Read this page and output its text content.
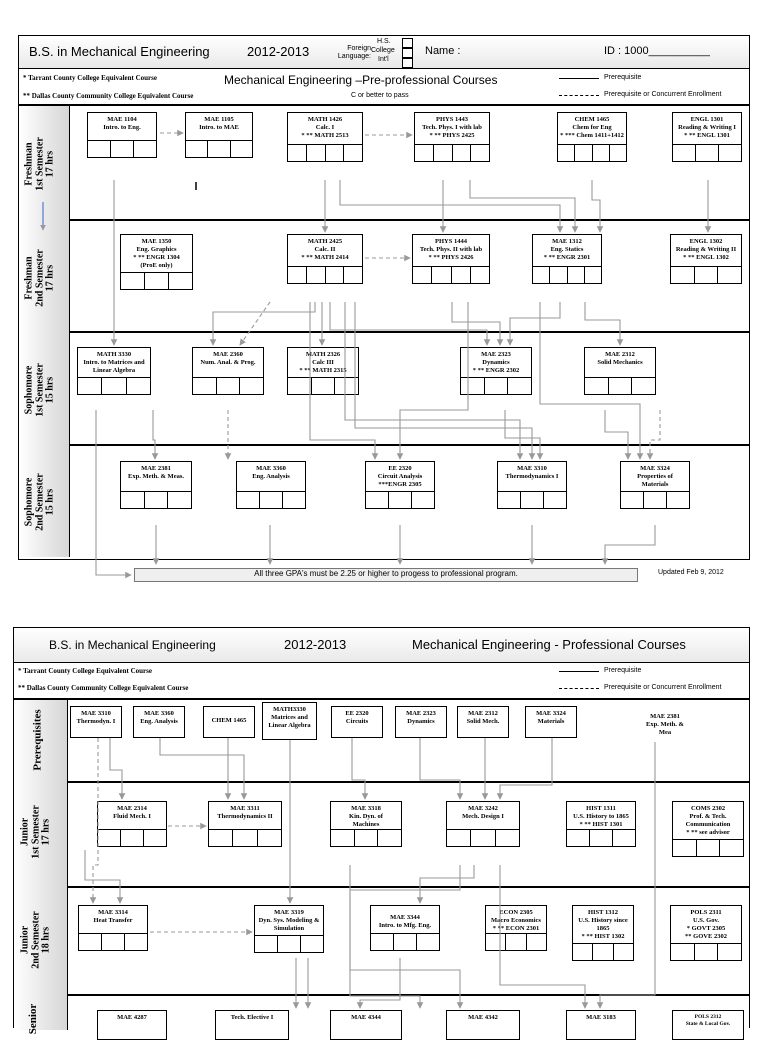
B.S. in Mechanical Engineering	2012-2013	Foreign
Language:
H.S.
College
Int'l
Name :	ID : 1000__________
* Tarrant County College Equivalent Course
** Dallas County Community College Equivalent Course
Mechanical Engineering –Pre-professional Courses
C or better to pass
Prerequisite
Prerequisite or Concurrent Enrollment
Freshman
1st Semester
17 hrs
Freshman
2nd Semester
17 hrs
Sophomore
1st Semester
15 hrs
Sophomore
2nd Semester
15 hrs
All three GPA's must be 2.25 or higher to progess to professional program.	Updated Feb 9, 2012
MAE 1104
Intro. to Eng.
MAE 1105
Intro. to MAE
MATH 1426
Calc. I
* ** MATH 2513
PHYS 1443
Tech. Phys. I with lab
* ** PHYS 2425
CHEM 1465
Chem for Eng
* *** Chem 1411+1412
ENGL 1301
Reading & Writing I
* ** ENGL 1301
MAE 1350
Eng. Graphics
* ** ENGR 1304
(ProE only)
MATH 2425
Calc. II
* ** MATH 2414
PHYS 1444
Tech. Phys. II with lab
* ** PHYS 2426
MAE 1312
Eng. Statics
* ** ENGR 2301
ENGL 1302
Reading & Writing II
* ** ENGL 1302
MATH 3330
Intro. to Matrices and
Linear Algebra
MAE 2360
Num. Anal. & Prog.
MATH 2326
Calc III
* ** MATH 2315
MAE 2323
Dynamics
* ** ENGR 2302
MAE 2312
Solid Mechanics
MAE 2381
Exp. Meth. & Meas.
MAE 3360
Eng. Analysis
EE 2320
Circuit Analysis
***ENGR 2305
MAE 3310
Thermodynamics I
MAE 3324
Properties of
Materials
B.S. in Mechanical Engineering	2012-2013	Mechanical Engineering - Professional Courses
* Tarrant County College Equivalent Course
** Dallas County Community College Equivalent Course
Prerequisite
Prerequisite or Concurrent Enrollment
Prerequisites
Junior
1st Semester
17 hrs
Junior
2nd Semester
18 hrs
Senior
MAE 3310
Thermodyn. I
MAE 3360
Eng. Analysis	CHEM 1465
MATH3330
Matrices and
Linear Algebra
EE 2320
Circuits
MAE 2323
Dynamics
MAE 2312
Solid Mech.
MAE 3324
Materials
MAE 2381
Exp. Meth. &
Mea
MAE 2314
Fluid Mech. I
MAE 3311
Thermodynamics II
MAE 3318
Kin. Dyn. of
Machines
MAE 3242
Mech. Design I
HIST 1311
U.S. History to 1865
* ** HIST 1301
COMS 2302
Prof. & Tech.
Communication
* ** see advisor
MAE 3314
Heat Transfer
MAE 3319
Dyn. Sys. Modeling &
Simulation
MAE 3344
Intro. to Mfg. Eng.
ECON 2305
Macro Economics
* ** ECON 2301
HIST 1312
U.S. History since
1865
* ** HIST 1302
POLS 2311
U.S. Gov.
* GOVT 2305
** GOVE 2302
MAE 4287	Tech. Elective I	MAE 4344	MAE 4342	MAE 3183	POLS 2312
State & Local Gov.
